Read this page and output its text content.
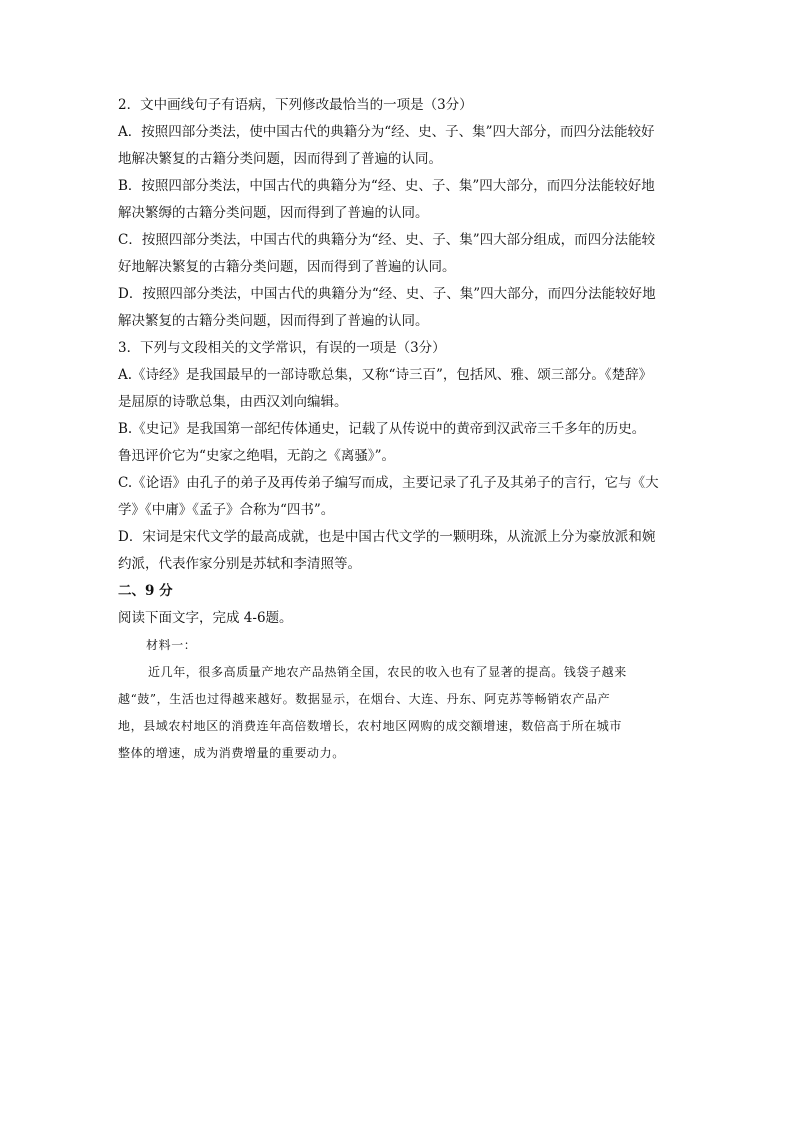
2．文中画线句子有语病，下列修改最恰当的一项是（3分）
A．按照四部分类法，使中国古代的典籍分为“经、史、子、集”四大部分，而四分法能较好
地解决繁复的古籍分类问题，因而得到了普遍的认同。
B．按照四部分类法，中国古代的典籍分为“经、史、子、集”四大部分，而四分法能较好地
解决繁缛的古籍分类问题，因而得到了普遍的认同。
C．按照四部分类法，中国古代的典籍分为“经、史、子、集”四大部分组成，而四分法能较
好地解决繁复的古籍分类问题，因而得到了普遍的认同。
D．按照四部分类法，中国古代的典籍分为“经、史、子、集”四大部分，而四分法能较好地
解决繁复的古籍分类问题，因而得到了普遍的认同。
3．下列与文段相关的文学常识，有误的一项是（3分）
A.《诗经》是我国最早的一部诗歌总集，又称“诗三百”，包括风、雅、颂三部分。《楚辞》
是屈原的诗歌总集，由西汉刘向编辑。
B.《史记》是我国第一部纪传体通史，记载了从传说中的黄帝到汉武帝三千多年的历史。
鲁迅评价它为“史家之绝唱，无韵之《离骚》”。
C.《论语》由孔子的弟子及再传弟子编写而成，主要记录了孔子及其弟子的言行，它与《大
学》《中庸》《孟子》合称为“四书”。
D．宋词是宋代文学的最高成就，也是中国古代文学的一颗明珠，从流派上分为豪放派和婉
约派，代表作家分别是苏轼和李清照等。
二、9 分
阅读下面文字，完成 4-6题。
材料一：
近几年，很多高质量产地农产品热销全国，农民的收入也有了显著的提高。钱袋子越来
越“鼓”，生活也过得越来越好。数据显示，在烟台、大连、丹东、阿克苏等畅销农产品产
地，县域农村地区的消费连年高倍数增长，农村地区网购的成交额增速，数倍高于所在城市
整体的增速，成为消费增量的重要动力。
